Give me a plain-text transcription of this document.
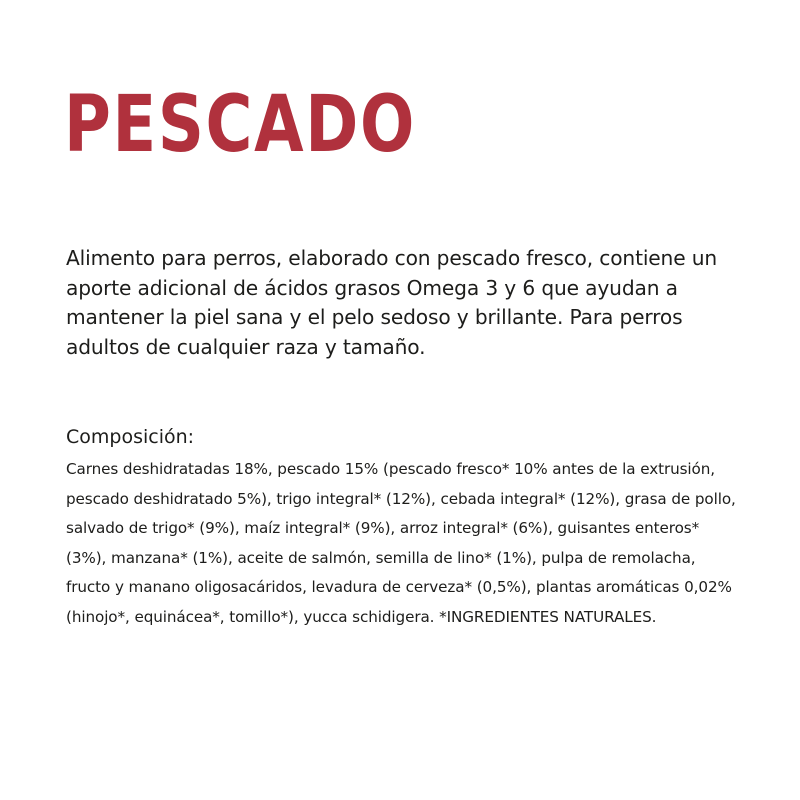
PESCADO

Alimento para perros, elaborado con pescado fresco, contiene un aporte adicional de ácidos grasos Omega 3 y 6 que ayudan a mantener la piel sana y el pelo sedoso y brillante. Para perros adultos de cualquier raza y tamaño.

Composición:

Carnes deshidratadas 18%, pescado 15% (pescado fresco* 10% antes de la extrusión, pescado deshidratado 5%), trigo integral* (12%), cebada integral* (12%), grasa de pollo, salvado de trigo* (9%), maíz integral* (9%), arroz integral* (6%), guisantes enteros* (3%), manzana* (1%), aceite de salmón, semilla de lino* (1%), pulpa de remolacha, fructo y manano oligosacáridos, levadura de cerveza* (0,5%), plantas aromáticas 0,02% (hinojo*, equinácea*, tomillo*), yucca schidigera. *INGREDIENTES NATURALES.
